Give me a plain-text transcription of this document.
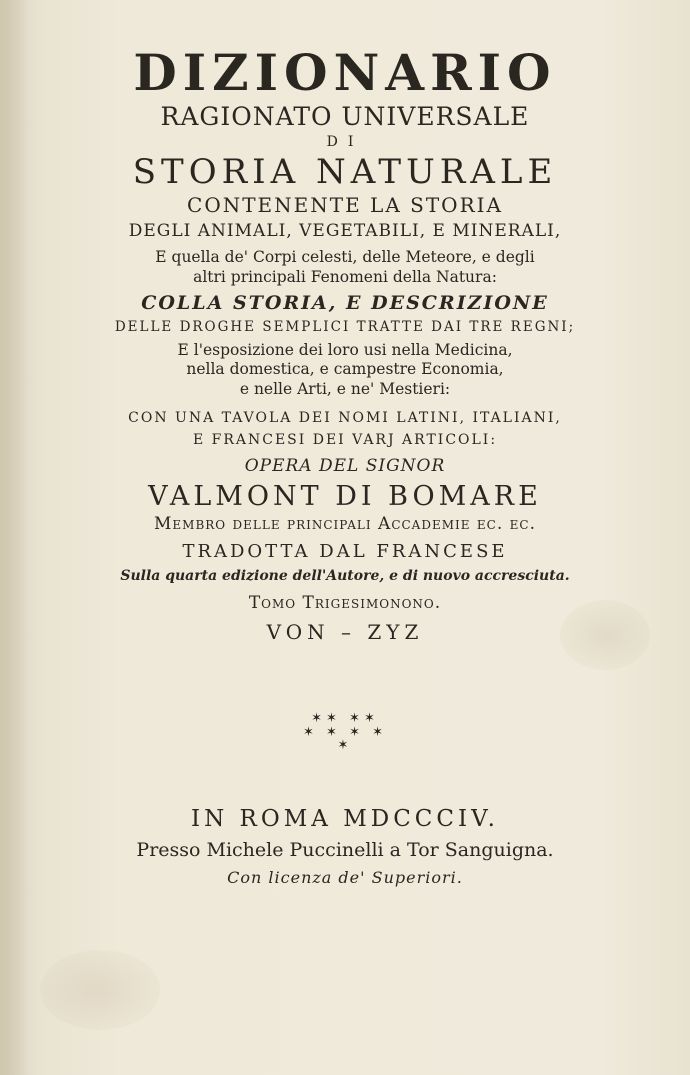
DIZIONARIO
RAGIONATO UNIVERSALE
DI
STORIA NATURALE
CONTENENTE LA STORIA
DEGLI ANIMALI, VEGETABILI, E MINERALI,
E quella de' Corpi celesti, delle Meteore, e degli
altri principali Fenomeni della Natura:
COLLA STORIA, E DESCRIZIONE
DELLE DROGHE SEMPLICI TRATTE DAI TRE REGNI;
E l'esposizione dei loro usi nella Medicina,
nella domestica, e campestre Economia,
e nelle Arti, e ne' Mestieri:
CON UNA TAVOLA DEI NOMI LATINI, ITALIANI,
E FRANCESI DEI VARJ ARTICOLI:
OPERA DEL SIGNOR
VALMONT DI BOMARE
Membro delle principali Accademie ec. ec.
TRADOTTA DAL FRANCESE
Sulla quarta edizione dell'Autore, e di nuovo accresciuta.
Tomo Trigesimonono.
VON – ZYZ
✶✶ ✶✶
✶ ✶ ✶ ✶
✶
IN ROMA MDCCCIV.
Presso Michele Puccinelli a Tor Sanguigna.
Con licenza de' Superiori.
